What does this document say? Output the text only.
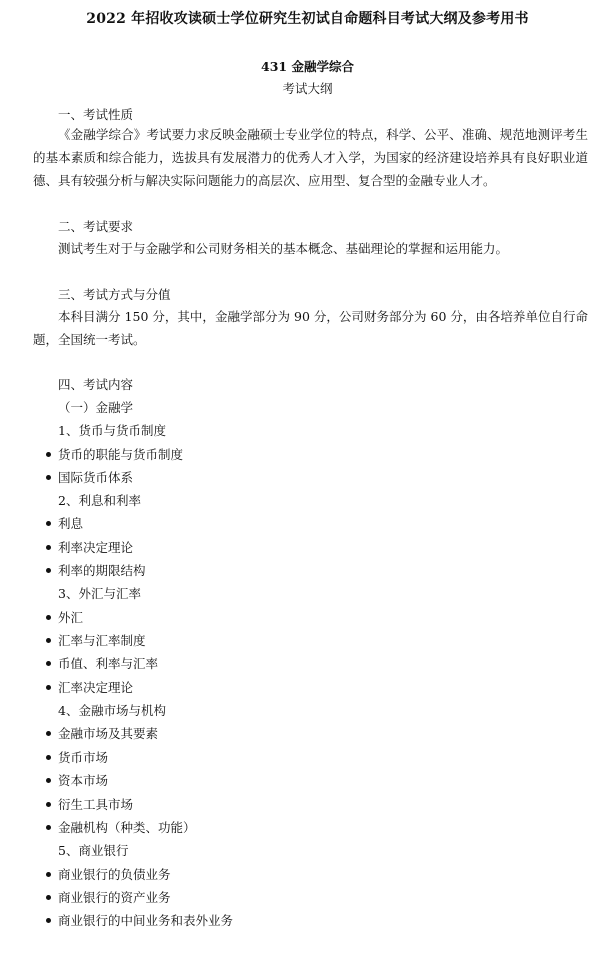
2022 年招收攻读硕士学位研究生初试自命题科目考试大纲及参考用书
431 金融学综合
考试大纲
一、考试性质
《金融学综合》考试要力求反映金融硕士专业学位的特点，科学、公平、准确、规范地测评考生的基本素质和综合能力，选拔具有发展潜力的优秀人才入学，为国家的经济建设培养具有良好职业道德、具有较强分析与解决实际问题能力的高层次、应用型、复合型的金融专业人才。
二、考试要求
测试考生对于与金融学和公司财务相关的基本概念、基础理论的掌握和运用能力。
三、考试方式与分值
本科目满分 150 分，其中，金融学部分为 90 分，公司财务部分为 60 分，由各培养单位自行命题，全国统一考试。
四、考试内容
（一）金融学
1、货币与货币制度
货币的职能与货币制度
国际货币体系
2、利息和利率
利息
利率决定理论
利率的期限结构
3、外汇与汇率
外汇
汇率与汇率制度
币值、利率与汇率
汇率决定理论
4、金融市场与机构
金融市场及其要素
货币市场
资本市场
衍生工具市场
金融机构（种类、功能）
5、商业银行
商业银行的负债业务
商业银行的资产业务
商业银行的中间业务和表外业务
